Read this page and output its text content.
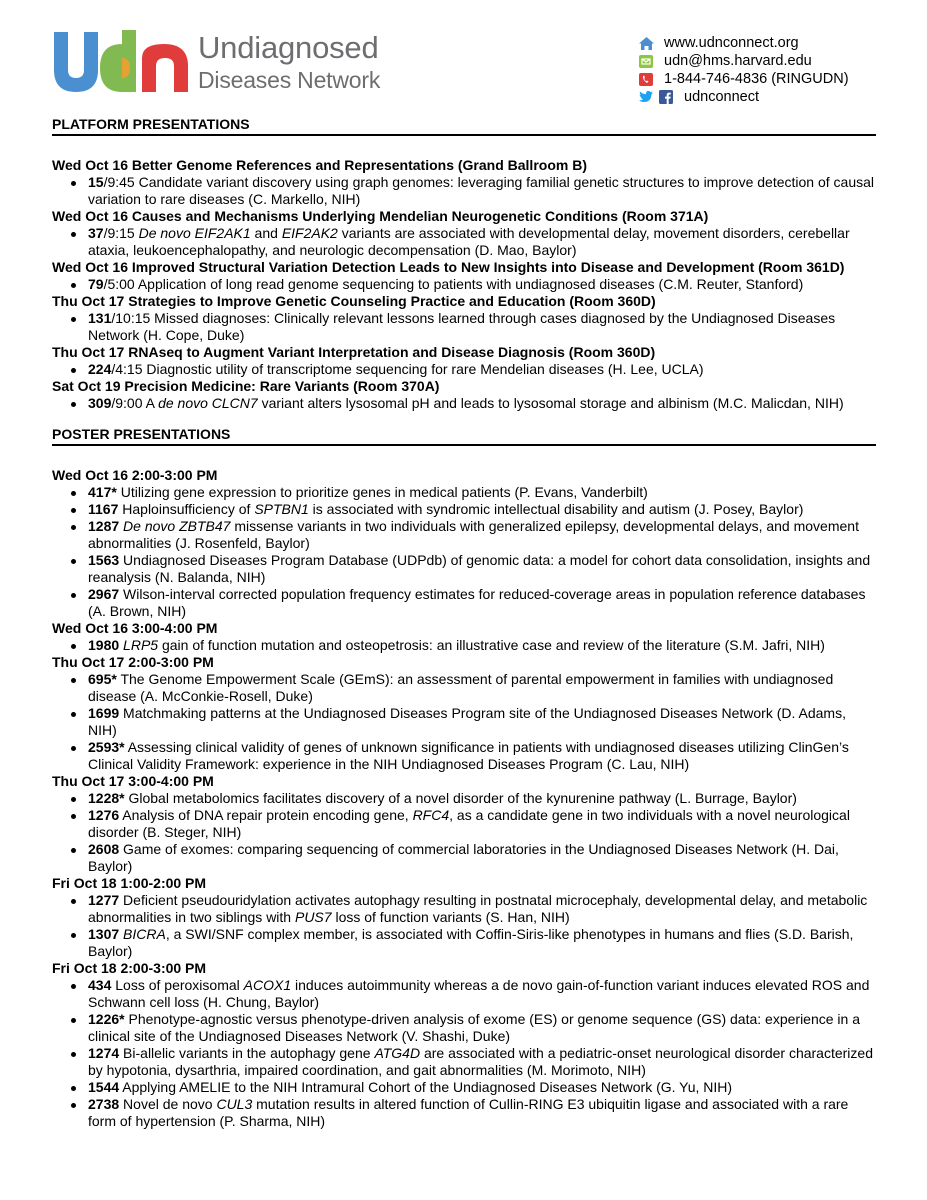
Undiagnosed
Diseases Network
www.udnconnect.org
udn@hms.harvard.edu
1-844-746-4836 (RINGUDN)
udnconnect
PLATFORM PRESENTATIONS
Wed Oct 16 Better Genome References and Representations (Grand Ballroom B)
15/9:45 Candidate variant discovery using graph genomes: leveraging familial genetic structures to improve detection of causal variation to rare diseases (C. Markello, NIH)
Wed Oct 16 Causes and Mechanisms Underlying Mendelian Neurogenetic Conditions (Room 371A)
37/9:15 De novo EIF2AK1 and EIF2AK2 variants are associated with developmental delay, movement disorders, cerebellar ataxia, leukoencephalopathy, and neurologic decompensation (D. Mao, Baylor)
Wed Oct 16 Improved Structural Variation Detection Leads to New Insights into Disease and Development (Room 361D)
79/5:00 Application of long read genome sequencing to patients with undiagnosed diseases (C.M. Reuter, Stanford)
Thu Oct 17 Strategies to Improve Genetic Counseling Practice and Education (Room 360D)
131/10:15 Missed diagnoses: Clinically relevant lessons learned through cases diagnosed by the Undiagnosed Diseases Network (H. Cope, Duke)
Thu Oct 17 RNAseq to Augment Variant Interpretation and Disease Diagnosis (Room 360D)
224/4:15 Diagnostic utility of transcriptome sequencing for rare Mendelian diseases (H. Lee, UCLA)
Sat Oct 19 Precision Medicine: Rare Variants (Room 370A)
309/9:00 A de novo CLCN7 variant alters lysosomal pH and leads to lysosomal storage and albinism (M.C. Malicdan, NIH)
POSTER PRESENTATIONS
Wed Oct 16 2:00-3:00 PM
417* Utilizing gene expression to prioritize genes in medical patients (P. Evans, Vanderbilt)
1167 Haploinsufficiency of SPTBN1 is associated with syndromic intellectual disability and autism (J. Posey, Baylor)
1287 De novo ZBTB47 missense variants in two individuals with generalized epilepsy, developmental delays, and movement abnormalities (J. Rosenfeld, Baylor)
1563 Undiagnosed Diseases Program Database (UDPdb) of genomic data: a model for cohort data consolidation, insights and reanalysis (N. Balanda, NIH)
2967 Wilson-interval corrected population frequency estimates for reduced-coverage areas in population reference databases (A. Brown, NIH)
Wed Oct 16 3:00-4:00 PM
1980 LRP5 gain of function mutation and osteopetrosis: an illustrative case and review of the literature (S.M. Jafri, NIH)
Thu Oct 17 2:00-3:00 PM
695* The Genome Empowerment Scale (GEmS): an assessment of parental empowerment in families with undiagnosed disease (A. McConkie-Rosell, Duke)
1699 Matchmaking patterns at the Undiagnosed Diseases Program site of the Undiagnosed Diseases Network (D. Adams, NIH)
2593* Assessing clinical validity of genes of unknown significance in patients with undiagnosed diseases utilizing ClinGen’s Clinical Validity Framework: experience in the NIH Undiagnosed Diseases Program (C. Lau, NIH)
Thu Oct 17 3:00-4:00 PM
1228* Global metabolomics facilitates discovery of a novel disorder of the kynurenine pathway (L. Burrage, Baylor)
1276 Analysis of DNA repair protein encoding gene, RFC4, as a candidate gene in two individuals with a novel neurological disorder (B. Steger, NIH)
2608 Game of exomes: comparing sequencing of commercial laboratories in the Undiagnosed Diseases Network (H. Dai, Baylor)
Fri Oct 18 1:00-2:00 PM
1277 Deficient pseudouridylation activates autophagy resulting in postnatal microcephaly, developmental delay, and metabolic abnormalities in two siblings with PUS7 loss of function variants (S. Han, NIH)
1307 BICRA, a SWI/SNF complex member, is associated with Coffin-Siris-like phenotypes in humans and flies (S.D. Barish, Baylor)
Fri Oct 18 2:00-3:00 PM
434 Loss of peroxisomal ACOX1 induces autoimmunity whereas a de novo gain-of-function variant induces elevated ROS and Schwann cell loss (H. Chung, Baylor)
1226* Phenotype-agnostic versus phenotype-driven analysis of exome (ES) or genome sequence (GS) data: experience in a clinical site of the Undiagnosed Diseases Network (V. Shashi, Duke)
1274 Bi-allelic variants in the autophagy gene ATG4D are associated with a pediatric-onset neurological disorder characterized by hypotonia, dysarthria, impaired coordination, and gait abnormalities (M. Morimoto, NIH)
1544 Applying AMELIE to the NIH Intramural Cohort of the Undiagnosed Diseases Network (G. Yu, NIH)
2738 Novel de novo CUL3 mutation results in altered function of Cullin-RING E3 ubiquitin ligase and associated with a rare form of hypertension (P. Sharma, NIH)
